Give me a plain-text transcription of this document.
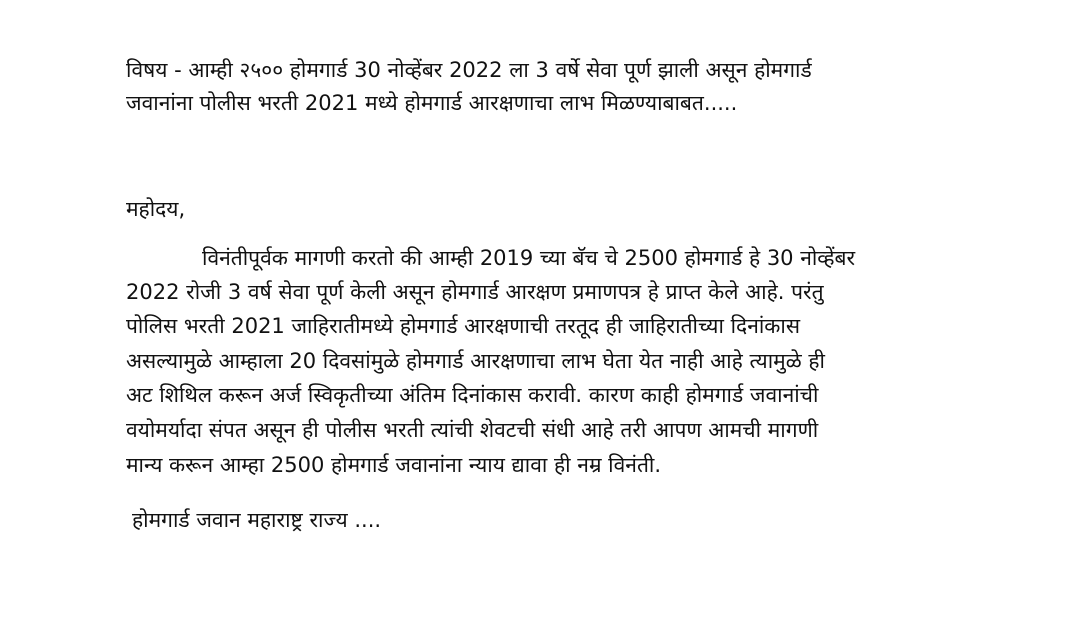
विषय - आम्ही २५०० होमगार्ड 30 नोव्हेंबर 2022 ला 3 वर्षे सेवा पूर्ण झाली असून होमगार्ड
जवानांना पोलीस भरती 2021 मध्ये होमगार्ड आरक्षणाचा लाभ मिळण्याबाबत.....
महोदय,
विनंतीपूर्वक मागणी करतो की आम्ही 2019 च्या बॅच चे 2500 होमगार्ड हे 30 नोव्हेंबर
2022 रोजी 3 वर्ष सेवा पूर्ण केली असून होमगार्ड आरक्षण प्रमाणपत्र हे प्राप्त केले आहे. परंतु
पोलिस भरती 2021 जाहिरातीमध्ये होमगार्ड आरक्षणाची तरतूद ही जाहिरातीच्या दिनांकास
असल्यामुळे आम्हाला 20 दिवसांमुळे होमगार्ड आरक्षणाचा लाभ घेता येत नाही आहे त्यामुळे ही
अट शिथिल करून अर्ज स्विकृतीच्या अंतिम दिनांकास करावी. कारण काही होमगार्ड जवानांची
वयोमर्यादा संपत असून ही पोलीस भरती त्यांची शेवटची संधी आहे तरी आपण आमची मागणी
मान्य करून आम्हा 2500 होमगार्ड जवानांना न्याय द्यावा ही नम्र विनंती.
होमगार्ड जवान महाराष्ट्र राज्य ....
